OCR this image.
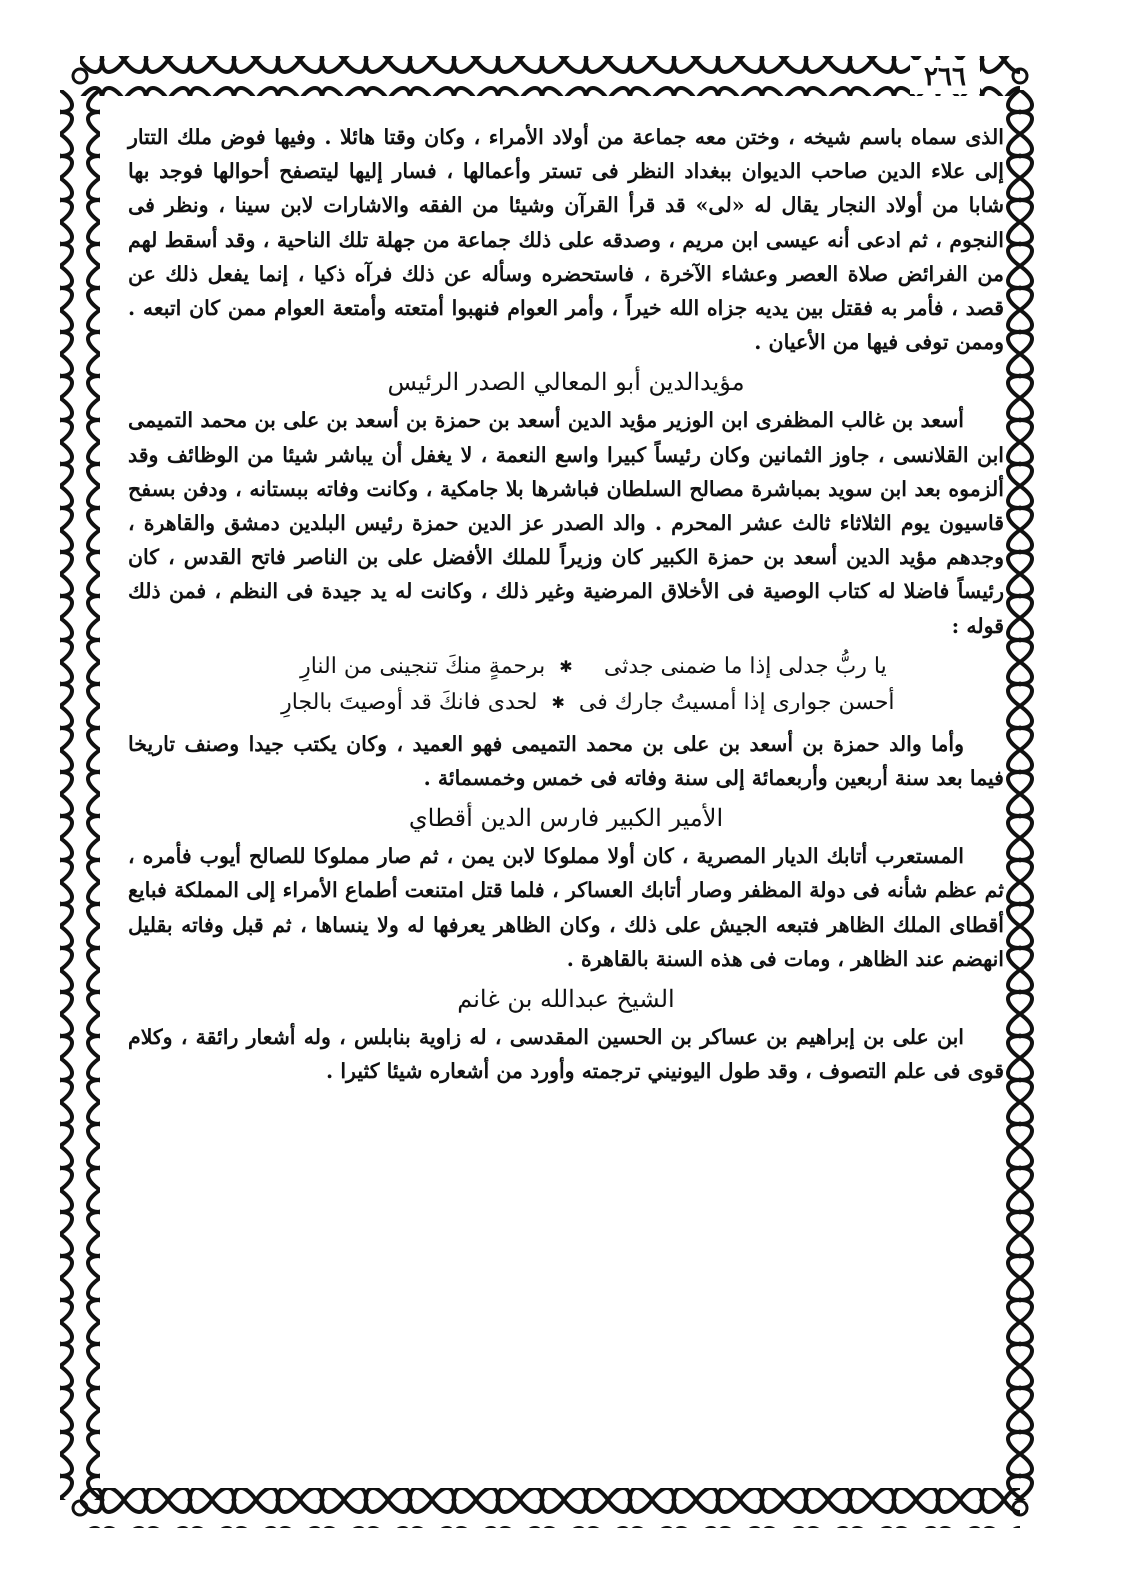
٢٦٦

الذى سماه باسم شيخه ، وختن معه جماعة من أولاد الأمراء ، وكان وقتا هائلا . وفيها فوض ملك التتار إلى علاء الدين صاحب الديوان ببغداد النظر فى تستر وأعمالها ، فسار إليها ليتصفح أحوالها فوجد بها شابا من أولاد النجار يقال له «لى» قد قرأ القرآن وشيئا من الفقه والاشارات لابن سينا ، ونظر فى النجوم ، ثم ادعى أنه عيسى ابن مريم ، وصدقه على ذلك جماعة من جهلة تلك الناحية ، وقد أسقط لهم من الفرائض صلاة العصر وعشاء الآخرة ، فاستحضره وسأله عن ذلك فرآه ذكيا ، إنما يفعل ذلك عن قصد ، فأمر به فقتل بين يديه جزاه الله خيراً ، وأمر العوام فنهبوا أمتعته وأمتعة العوام ممن كان اتبعه . وممن توفى فيها من الأعيان .

مؤيدالدين أبو المعالي الصدر الرئيس

أسعد بن غالب المظفرى ابن الوزير مؤيد الدين أسعد بن حمزة بن أسعد بن على بن محمد التميمى ابن القلانسى ، جاوز الثمانين وكان رئيساً كبيرا واسع النعمة ، لا يغفل أن يباشر شيئا من الوظائف وقد ألزموه بعد ابن سويد بمباشرة مصالح السلطان فباشرها بلا جامكية ، وكانت وفاته ببستانه ، ودفن بسفح قاسيون يوم الثلاثاء ثالث عشر المحرم . والد الصدر عز الدين حمزة رئيس البلدين دمشق والقاهرة ، وجدهم مؤيد الدين أسعد بن حمزة الكبير كان وزيراً للملك الأفضل على بن الناصر فاتح القدس ، كان رئيساً فاضلا له كتاب الوصية فى الأخلاق المرضية وغير ذلك ، وكانت له يد جيدة فى النظم ، فمن ذلك قوله :

يا ربُّ جدلى إذا ما ضمنى جدثى
✱
برحمةٍ منكَ تنجينى من النارِ
أحسن جوارى إذا أمسيتُ جارك فى
✱
لحدى فانكَ قد أوصيتَ بالجارِ

وأما والد حمزة بن أسعد بن على بن محمد التميمى فهو العميد ، وكان يكتب جيدا وصنف تاريخا فيما بعد سنة أربعين وأربعمائة إلى سنة وفاته فى خمس وخمسمائة .

الأمير الكبير فارس الدين أقطاي

المستعرب أتابك الديار المصرية ، كان أولا مملوكا لابن يمن ، ثم صار مملوكا للصالح أيوب فأمره ، ثم عظم شأنه فى دولة المظفر وصار أتابك العساكر ، فلما قتل امتنعت أطماع الأمراء إلى المملكة فبايع أقطاى الملك الظاهر فتبعه الجيش على ذلك ، وكان الظاهر يعرفها له ولا ينساها ، ثم قبل وفاته بقليل انهضم عند الظاهر ، ومات فى هذه السنة بالقاهرة .

الشيخ عبدالله بن غانم

ابن على بن إبراهيم بن عساكر بن الحسين المقدسى ، له زاوية بنابلس ، وله أشعار رائقة ، وكلام قوى فى علم التصوف ، وقد طول اليونيني ترجمته وأورد من أشعاره شيئا كثيرا .
